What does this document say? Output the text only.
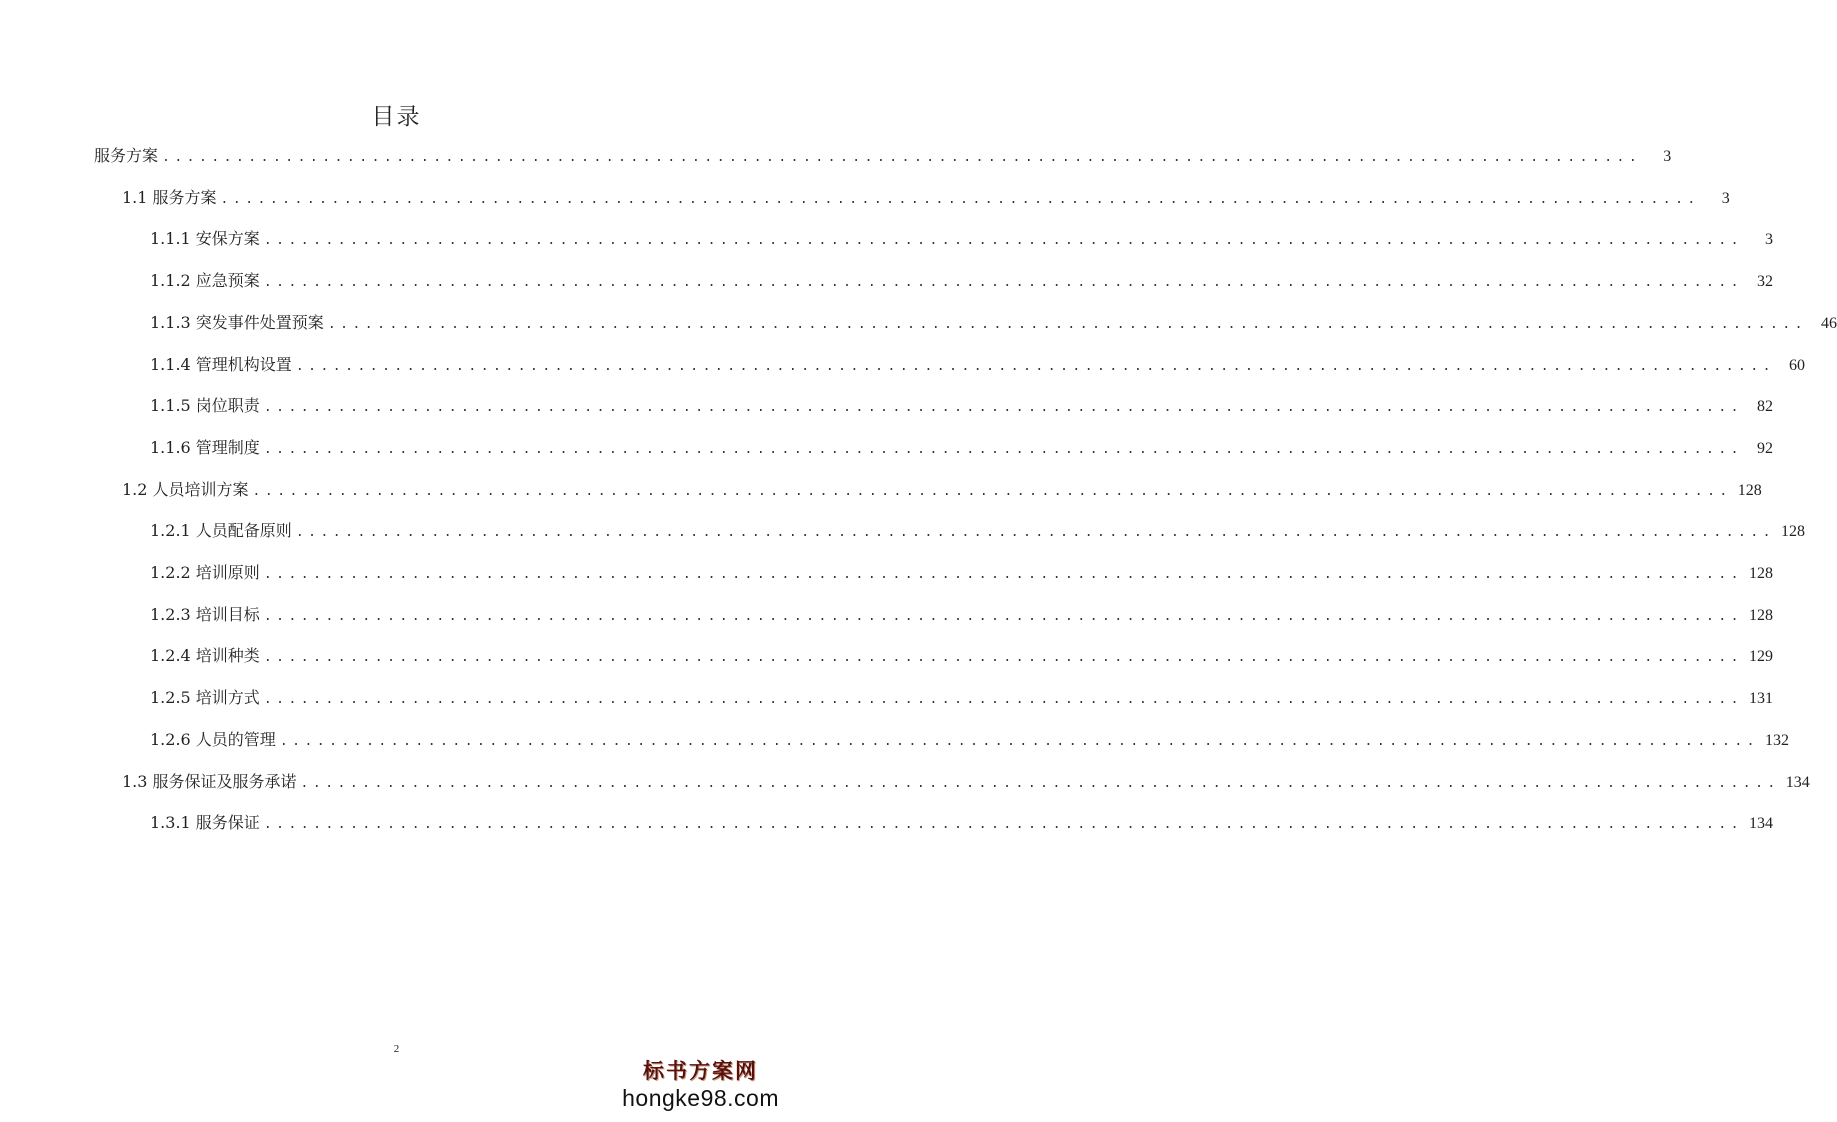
目录
服务方案 ........................................................................................................................	3
1.1 服务方案 ........................................................................................................................	3
1.1.1 安保方案 ........................................................................................................................	3
1.1.2 应急预案 ........................................................................................................................ 32
1.1.3 突发事件处置预案 ........................................................................................................................ 46
1.1.4 管理机构设置 ........................................................................................................................ 60
1.1.5 岗位职责 ........................................................................................................................ 82
1.1.6 管理制度 ........................................................................................................................ 92
1.2 人员培训方案 ........................................................................................................................ 128
1.2.1 人员配备原则 ........................................................................................................................ 128
1.2.2 培训原则 ........................................................................................................................ 128
1.2.3 培训目标 ........................................................................................................................ 128
1.2.4 培训种类 ........................................................................................................................ 129
1.2.5 培训方式 ........................................................................................................................ 131
1.2.6 人员的管理 ........................................................................................................................ 132
1.3 服务保证及服务承诺 ........................................................................................................................ 134
1.3.1 服务保证 ........................................................................................................................ 134
2
标书方案网
hongke98.com
